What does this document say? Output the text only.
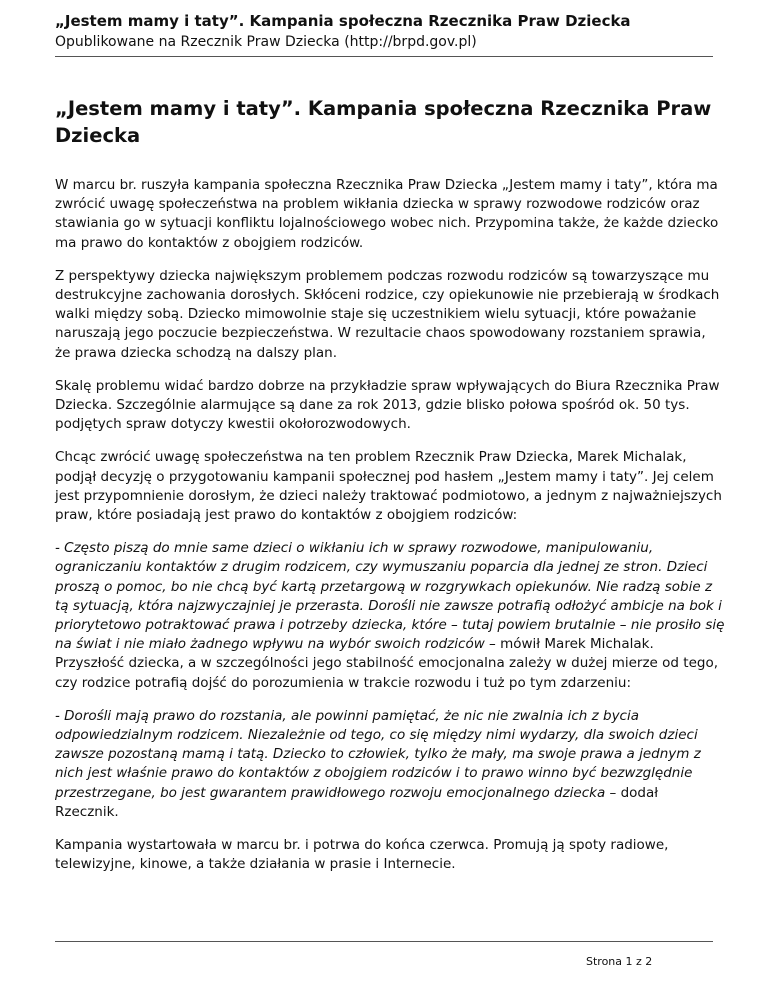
„Jestem mamy i taty”. Kampania społeczna Rzecznika Praw Dziecka
Opublikowane na Rzecznik Praw Dziecka (http://brpd.gov.pl)
„Jestem mamy i taty”. Kampania społeczna Rzecznika Praw Dziecka

W marcu br. ruszyła kampania społeczna Rzecznika Praw Dziecka „Jestem mamy i taty”, która ma zwrócić uwagę społeczeństwa na problem wikłania dziecka w sprawy rozwodowe rodziców oraz stawiania go w sytuacji konfliktu lojalnościowego wobec nich. Przypomina także, że każde dziecko ma prawo do kontaktów z obojgiem rodziców.

Z perspektywy dziecka największym problemem podczas rozwodu rodziców są towarzyszące mu destrukcyjne zachowania dorosłych. Skłóceni rodzice, czy opiekunowie nie przebierają w środkach walki między sobą. Dziecko mimowolnie staje się uczestnikiem wielu sytuacji, które poważanie naruszają jego poczucie bezpieczeństwa. W rezultacie chaos spowodowany rozstaniem sprawia, że prawa dziecka schodzą na dalszy plan.

Skalę problemu widać bardzo dobrze na przykładzie spraw wpływających do Biura Rzecznika Praw Dziecka. Szczególnie alarmujące są dane za rok 2013, gdzie blisko połowa spośród ok. 50 tys. podjętych spraw dotyczy kwestii okołorozwodowych.

Chcąc zwrócić uwagę społeczeństwa na ten problem Rzecznik Praw Dziecka, Marek Michalak, podjął decyzję o przygotowaniu kampanii społecznej pod hasłem „Jestem mamy i taty”. Jej celem jest przypomnienie dorosłym, że dzieci należy traktować podmiotowo, a jednym z najważniejszych praw, które posiadają jest prawo do kontaktów z obojgiem rodziców:

- Często piszą do mnie same dzieci o wikłaniu ich w sprawy rozwodowe, manipulowaniu, ograniczaniu kontaktów z drugim rodzicem, czy wymuszaniu poparcia dla jednej ze stron. Dzieci proszą o pomoc, bo nie chcą być kartą przetargową w rozgrywkach opiekunów. Nie radzą sobie z tą sytuacją, która najzwyczajniej je przerasta. Dorośli nie zawsze potrafią odłożyć ambicje na bok i priorytetowo potraktować prawa i potrzeby dziecka, które – tutaj powiem brutalnie – nie prosiło się na świat i nie miało żadnego wpływu na wybór swoich rodziców – mówił Marek Michalak. Przyszłość dziecka, a w szczególności jego stabilność emocjonalna zależy w dużej mierze od tego, czy rodzice potrafią dojść do porozumienia w trakcie rozwodu i tuż po tym zdarzeniu:

- Dorośli mają prawo do rozstania, ale powinni pamiętać, że nic nie zwalnia ich z bycia odpowiedzialnym rodzicem. Niezależnie od tego, co się między nimi wydarzy, dla swoich dzieci zawsze pozostaną mamą i tatą. Dziecko to człowiek, tylko że mały, ma swoje prawa a jednym z nich jest właśnie prawo do kontaktów z obojgiem rodziców i to prawo winno być bezwzględnie przestrzegane, bo jest gwarantem prawidłowego rozwoju emocjonalnego dziecka – dodał Rzecznik.

Kampania wystartowała w marcu br. i potrwa do końca czerwca. Promują ją spoty radiowe, telewizyjne, kinowe, a także działania w prasie i Internecie.

Strona 1 z 2
